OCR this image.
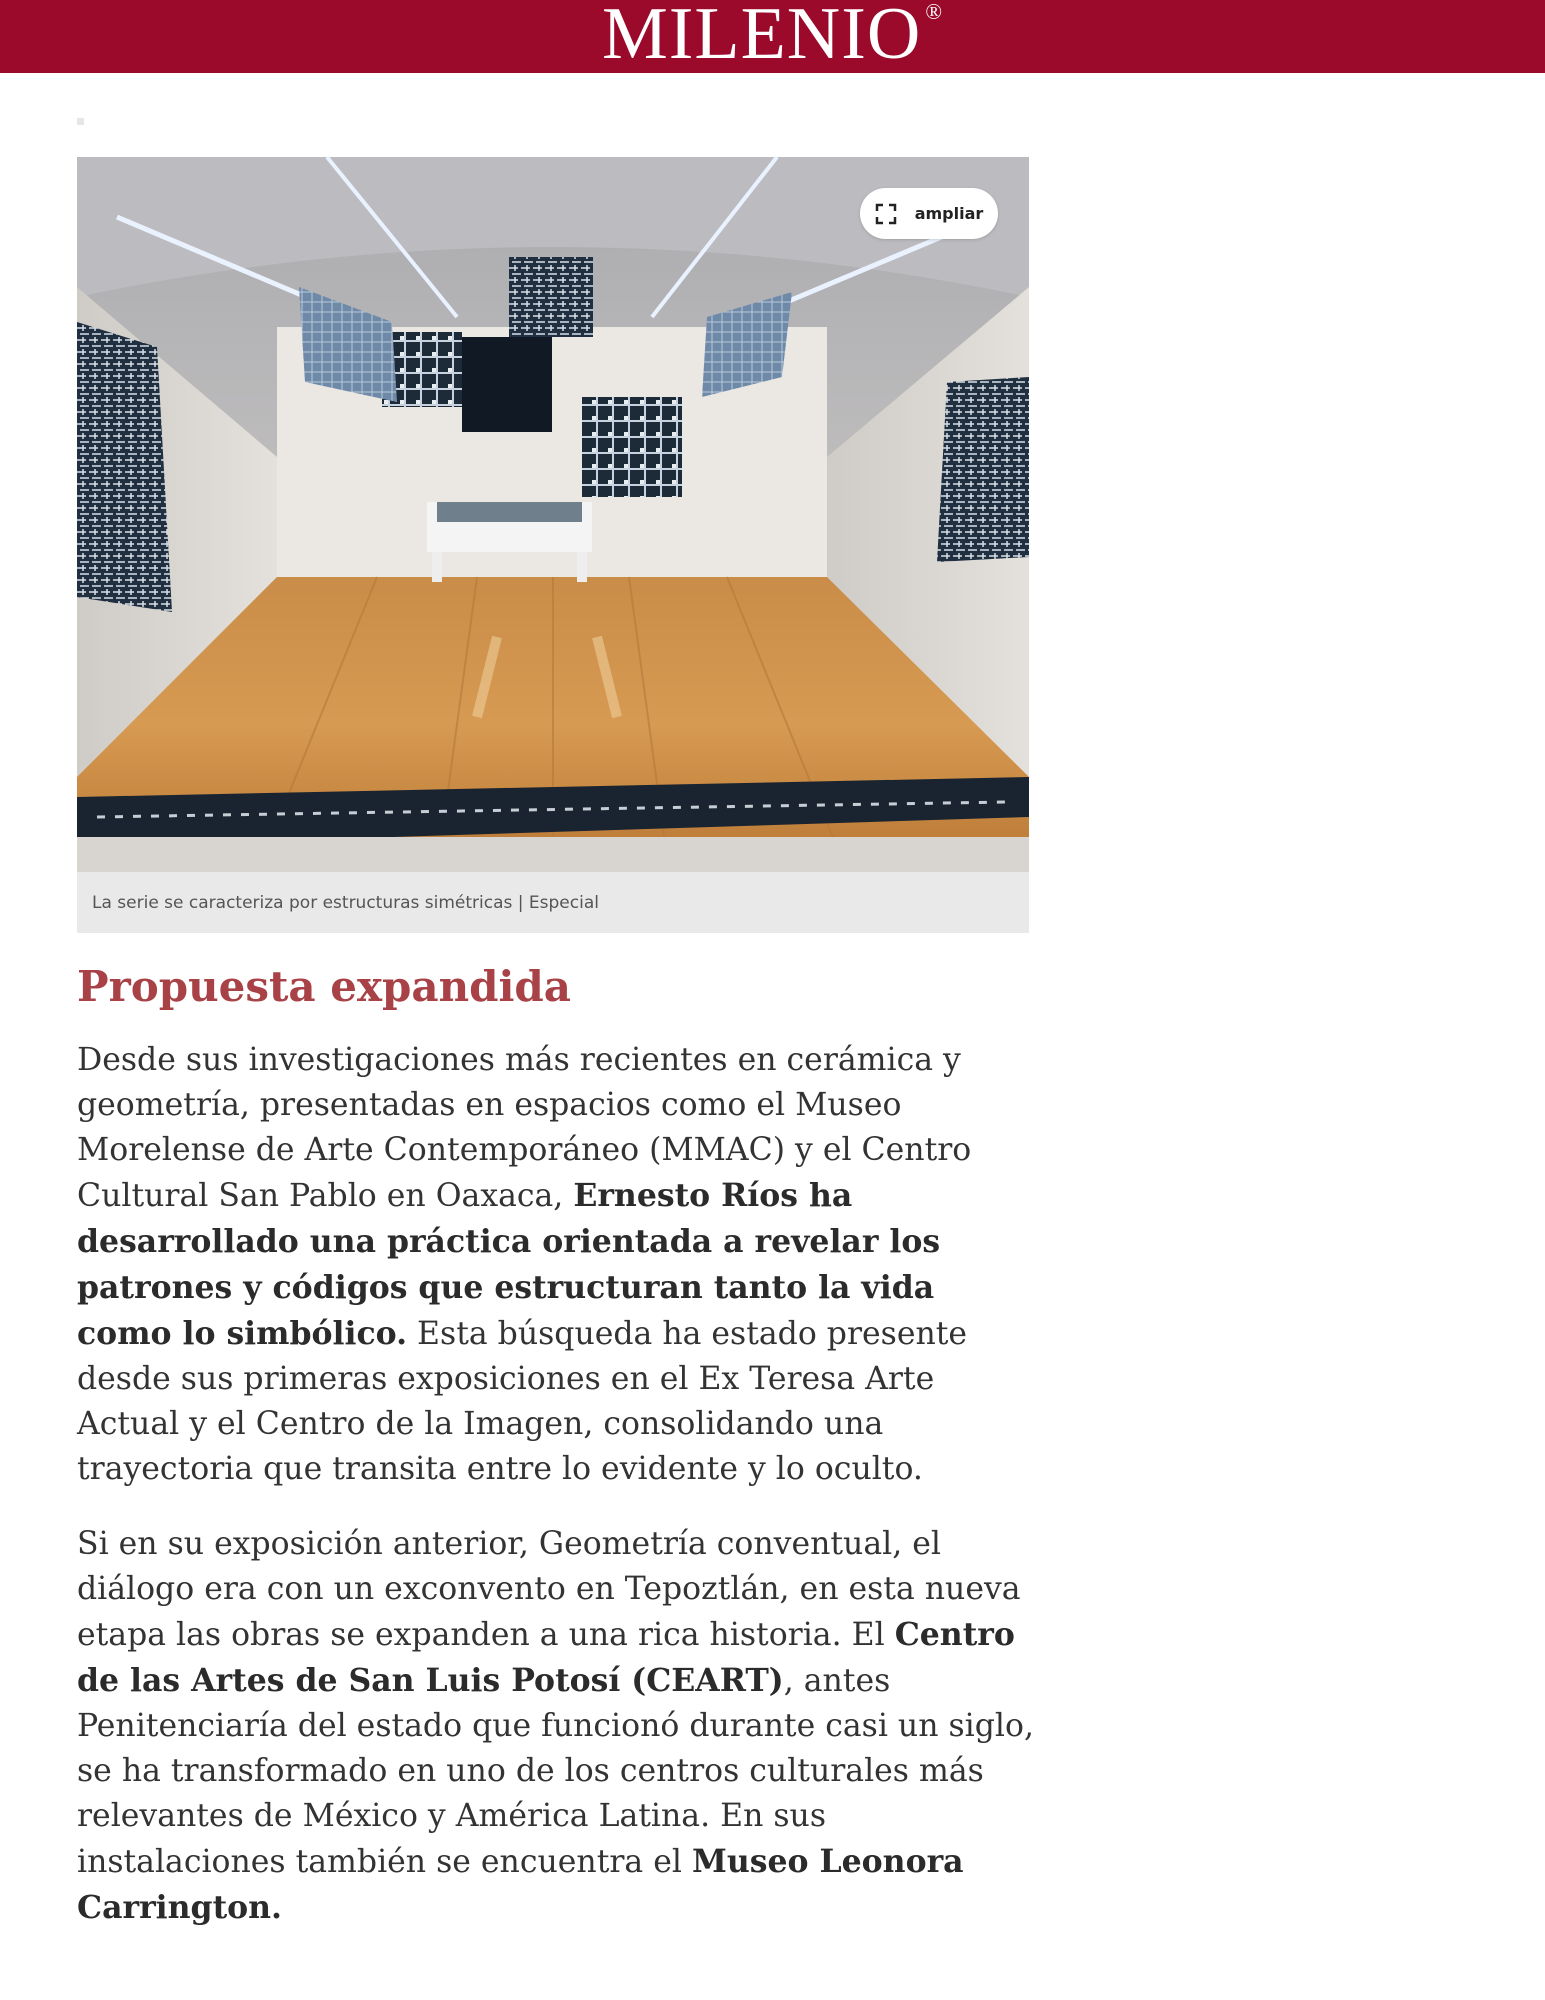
MILENIO ®
ampliar
La serie se caracteriza por estructuras simétricas | Especial
Propuesta expandida

Desde sus investigaciones más recientes en cerámica y geometría, presentadas en espacios como el Museo Morelense de Arte Contemporáneo (MMAC) y el Centro Cultural San Pablo en Oaxaca, Ernesto Ríos ha desarrollado una práctica orientada a revelar los patrones y códigos que estructuran tanto la vida como lo simbólico. Esta búsqueda ha estado presente desde sus primeras exposiciones en el Ex Teresa Arte Actual y el Centro de la Imagen, consolidando una trayectoria que transita entre lo evidente y lo oculto.

Si en su exposición anterior, Geometría conventual, el diálogo era con un exconvento en Tepoztlán, en esta nueva etapa las obras se expanden a una rica historia. El Centro de las Artes de San Luis Potosí (CEART), antes Penitenciaría del estado que funcionó durante casi un siglo, se ha transformado en uno de los centros culturales más relevantes de México y América Latina. En sus instalaciones también se encuentra el Museo Leonora Carrington.
